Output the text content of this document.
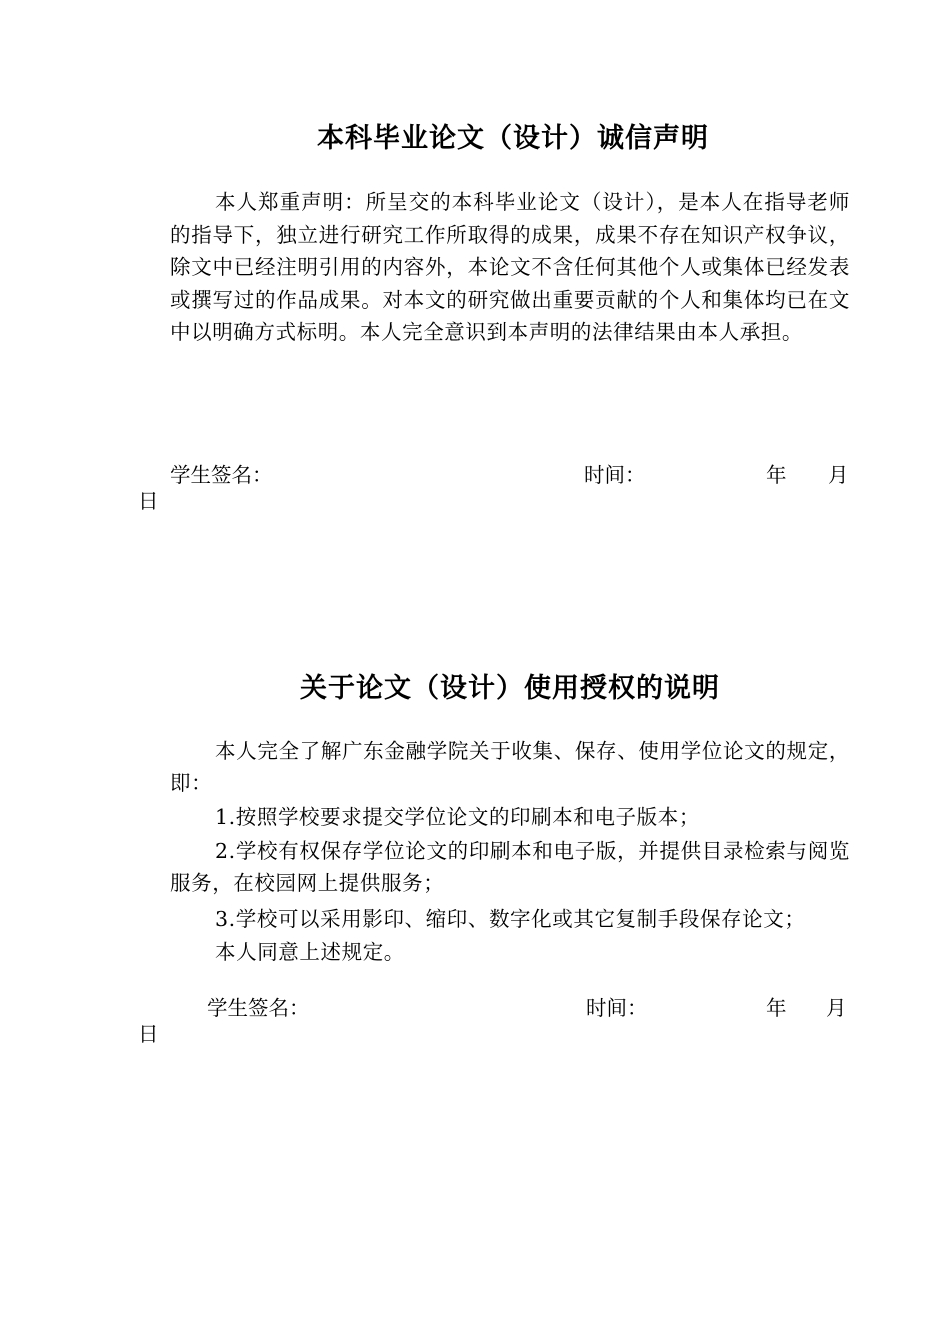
本科毕业论文（设计）诚信声明

本人郑重声明：所呈交的本科毕业论文（设计），是本人在指导老师的指导下，独立进行研究工作所取得的成果，成果不存在知识产权争议，除文中已经注明引用的内容外，本论文不含任何其他个人或集体已经发表或撰写过的作品成果。对本文的研究做出重要贡献的个人和集体均已在文中以明确方式标明。本人完全意识到本声明的法律结果由本人承担。

学生签名：	时间：	年 月
日
关于论文（设计）使用授权的说明

本人完全了解广东金融学院关于收集、保存、使用学位论文的规定，即：

1.按照学校要求提交学位论文的印刷本和电子版本；

2.学校有权保存学位论文的印刷本和电子版，并提供目录检索与阅览服务，在校园网上提供服务；

3.学校可以采用影印、缩印、数字化或其它复制手段保存论文；

本人同意上述规定。

学生签名：	时间：	年 月
日
